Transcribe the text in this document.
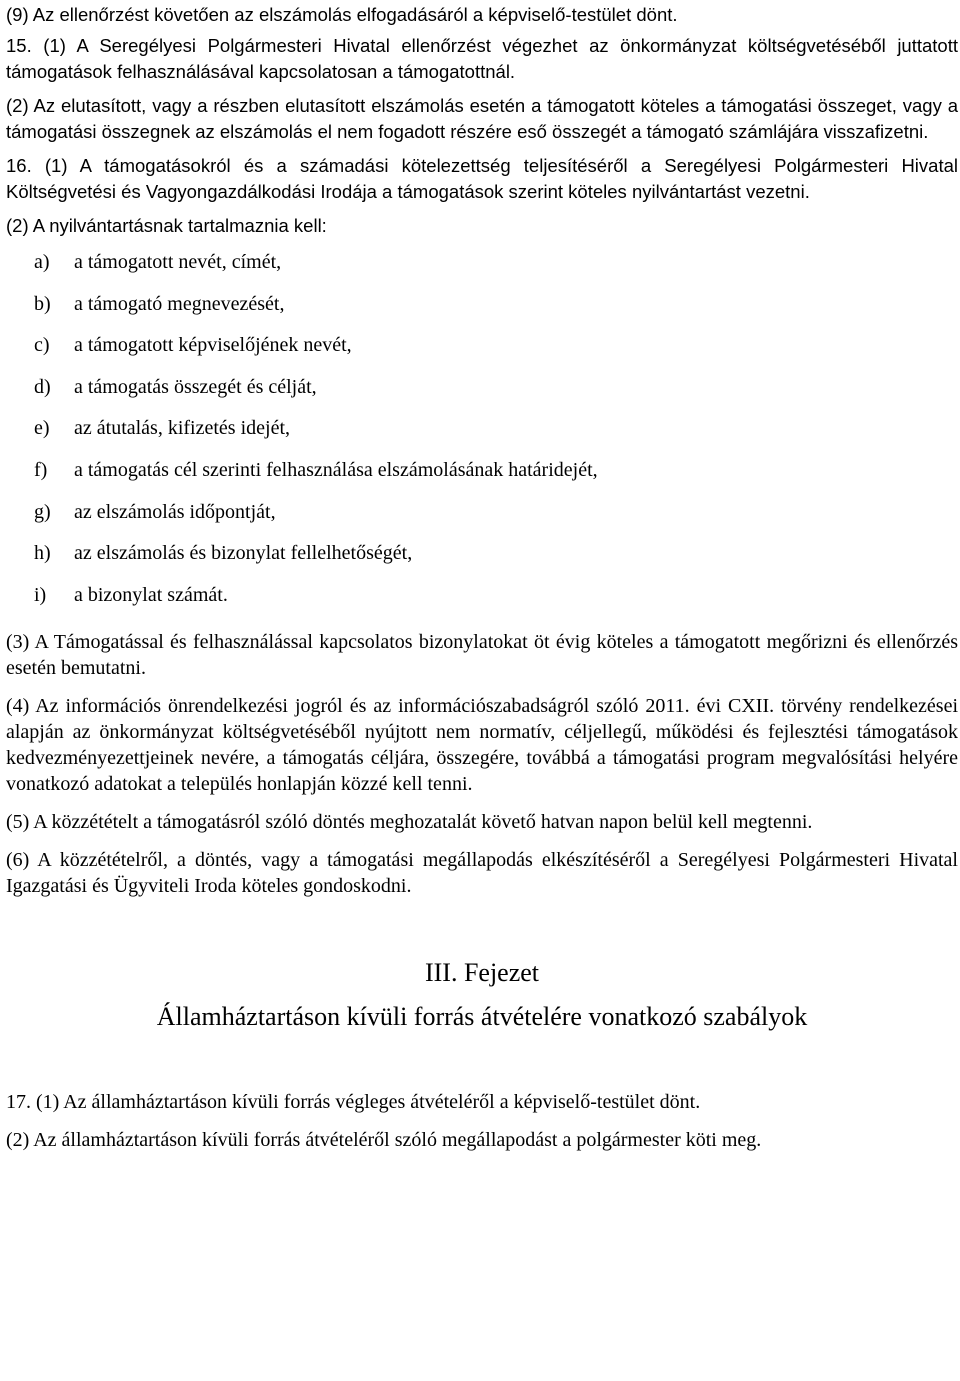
(9) Az ellenőrzést követően az elszámolás elfogadásáról a képviselő-testület dönt.

15. (1) A Seregélyesi Polgármesteri Hivatal ellenőrzést végezhet az önkormányzat költségvetéséből juttatott támogatások felhasználásával kapcsolatosan a támogatottnál.

(2) Az elutasított, vagy a részben elutasított elszámolás esetén a támogatott köteles a támogatási összeget, vagy a támogatási összegnek az elszámolás el nem fogadott részére eső összegét a támogató számlájára visszafizetni.

16. (1) A támogatásokról és a számadási kötelezettség teljesítéséről a Seregélyesi Polgármesteri Hivatal Költségvetési és Vagyongazdálkodási Irodája a támogatások szerint köteles nyilvántartást vezetni.

(2) A nyilvántartásnak tartalmaznia kell:

a)	a támogatott nevét, címét,
b)	a támogató megnevezését,
c)	a támogatott képviselőjének nevét,
d)	a támogatás összegét és célját,
e)	az átutalás, kifizetés idejét,
f)	a támogatás cél szerinti felhasználása elszámolásának határidejét,
g)	az elszámolás időpontját,
h)	az elszámolás és bizonylat fellelhetőségét,
i)	a bizonylat számát.

(3) A Támogatással és felhasználással kapcsolatos bizonylatokat öt évig köteles a támogatott megőrizni és ellenőrzés esetén bemutatni.

(4) Az információs önrendelkezési jogról és az információszabadságról szóló 2011. évi CXII. törvény rendelkezései alapján az önkormányzat költségvetéséből nyújtott nem normatív, céljellegű, működési és fejlesztési támogatások kedvezményezettjeinek nevére, a támogatás céljára, összegére, továbbá a támogatási program megvalósítási helyére vonatkozó adatokat a település honlapján közzé kell tenni.

(5) A közzétételt a támogatásról szóló döntés meghozatalát követő hatvan napon belül kell megtenni.

(6) A közzétételről, a döntés, vagy a támogatási megállapodás elkészítéséről a Seregélyesi Polgármesteri Hivatal Igazgatási és Ügyviteli Iroda köteles gondoskodni.

III. Fejezet

Államháztartáson kívüli forrás átvételére vonatkozó szabályok

17. (1) Az államháztartáson kívüli forrás végleges átvételéről a képviselő-testület dönt.

(2) Az államháztartáson kívüli forrás átvételéről szóló megállapodást a polgármester köti meg.
